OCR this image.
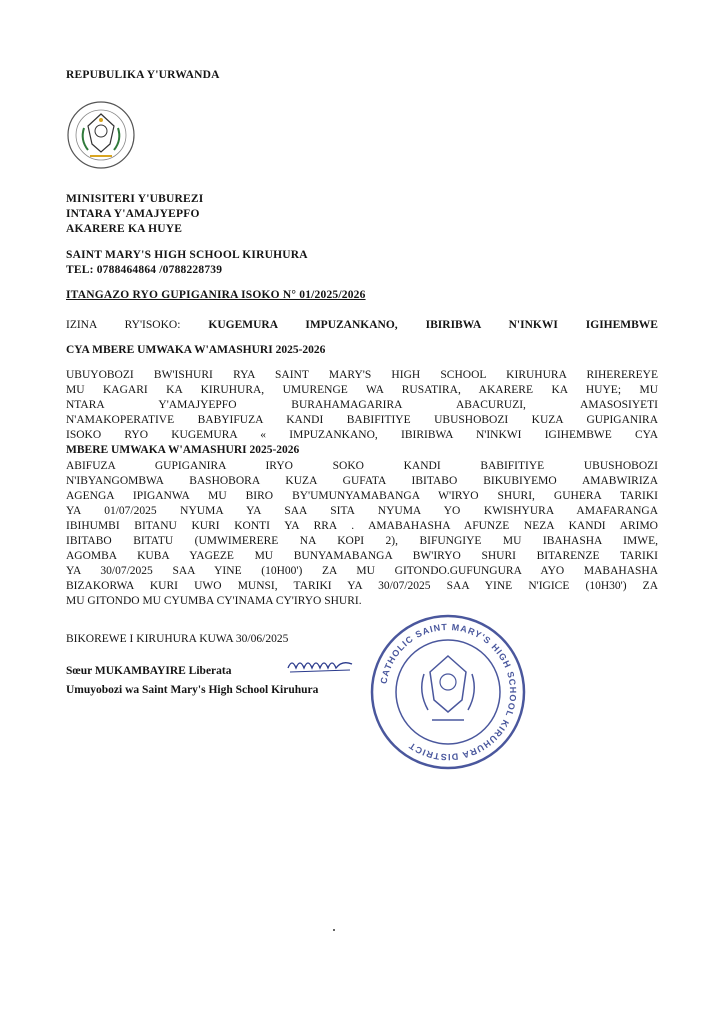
REPUBULIKA Y'URWANDA
MINISITERI Y'UBUREZI
INTARA Y'AMAJYEPFO
AKARERE KA HUYE
SAINT MARY'S HIGH SCHOOL KIRUHURA
TEL: 0788464864 /0788228739
ITANGAZO RYO GUPIGANIRA ISOKO N° 01/2025/2026
IZINA RY'ISOKO: KUGEMURA IMPUZANKANO, IBIRIBWA N'INKWI IGIHEMBWE
CYA MBERE UMWAKA W'AMASHURI 2025-2026
UBUYOBOZI BW'ISHURI RYA SAINT MARY'S HIGH SCHOOL KIRUHURA RIHEREREYE
MU KAGARI KA KIRUHURA, UMURENGE WA RUSATIRA, AKARERE KA HUYE; MU
NTARA Y'AMAJYEPFO BURAHAMAGARIRA ABACURUZI, AMASOSIYETI
N'AMAKOPERATIVE BABYIFUZA KANDI BABIFITIYE UBUSHOBOZI KUZA GUPIGANIRA
ISOKO RYO KUGEMURA « IMPUZANKANO, IBIRIBWA N'INKWI IGIHEMBWE CYA
MBERE UMWAKA W'AMASHURI 2025-2026
ABIFUZA GUPIGANIRA IRYO SOKO KANDI BABIFITIYE UBUSHOBOZI
N'IBYANGOMBWA BASHOBORA KUZA GUFATA IBITABO BIKUBIYEMO AMABWIRIZA
AGENGA IPIGANWA MU BIRO BY'UMUNYAMABANGA W'IRYO SHURI, GUHERA TARIKI
YA 01/07/2025 NYUMA YA SAA SITA NYUMA YO KWISHYURA AMAFARANGA
IBIHUMBI BITANU KURI KONTI YA RRA . AMABAHASHA AFUNZE NEZA KANDI ARIMO
IBITABO BITATU (UMWIMERERE NA KOPI 2), BIFUNGIYE MU IBAHASHA IMWE,
AGOMBA KUBA YAGEZE MU BUNYAMABANGA BW'IRYO SHURI BITARENZE TARIKI
YA 30/07/2025 SAA YINE (10H00') ZA MU GITONDO.GUFUNGURA AYO MABAHASHA
BIZAKORWA KURI UWO MUNSI, TARIKI YA 30/07/2025 SAA YINE N'IGICE (10H30') ZA
MU GITONDO MU CYUMBA CY'INAMA CY'IRYO SHURI.
BIKOREWE I KIRUHURA KUWA 30/06/2025
Sœur MUKAMBAYIRE Liberata
Umuyobozi wa Saint Mary's High School Kiruhura
CATHOLIC SAINT MARY'S HIGH SCHOOL KIRUHURA DISTRICT
